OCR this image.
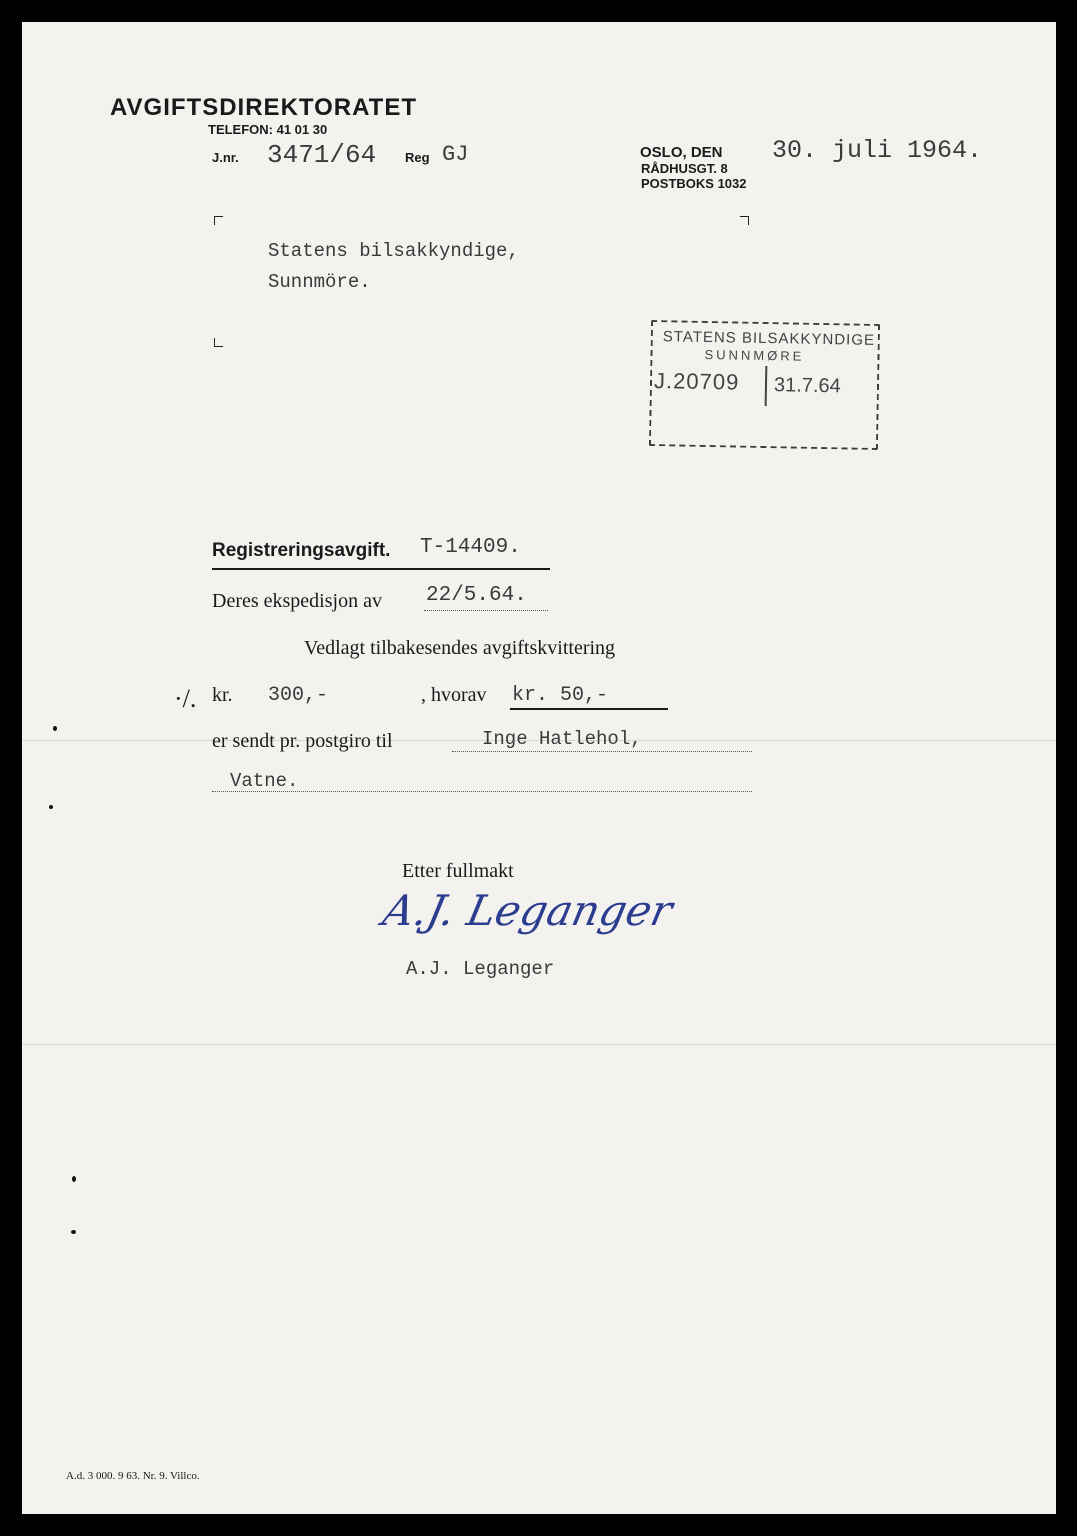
AVGIFTSDIREKTORATET
TELEFON: 41 01 30
J.nr. 3471/64 Reg GJ	OSLO, DEN 30. juli 1964.
RÅDHUSGT. 8
POSTBOKS 1032
Statens bilsakkyndige,
Sunnmöre.
STATENS BILSAKKYNDIGE
SUNNMØRE
J.20709 31.7.64
Registreringsavgift. T-14409.
Deres ekspedisjon av 22/5.64.
Vedlagt tilbakesendes avgiftskvittering
·/. kr. 300,-	, hvorav kr. 50,-
er sendt pr. postgiro til	Inge Hatlehol,
Vatne.
Etter fullmakt
A.J. Leganger
A.J. Leganger
A.d. 3 000. 9 63. Nr. 9. Villco.
